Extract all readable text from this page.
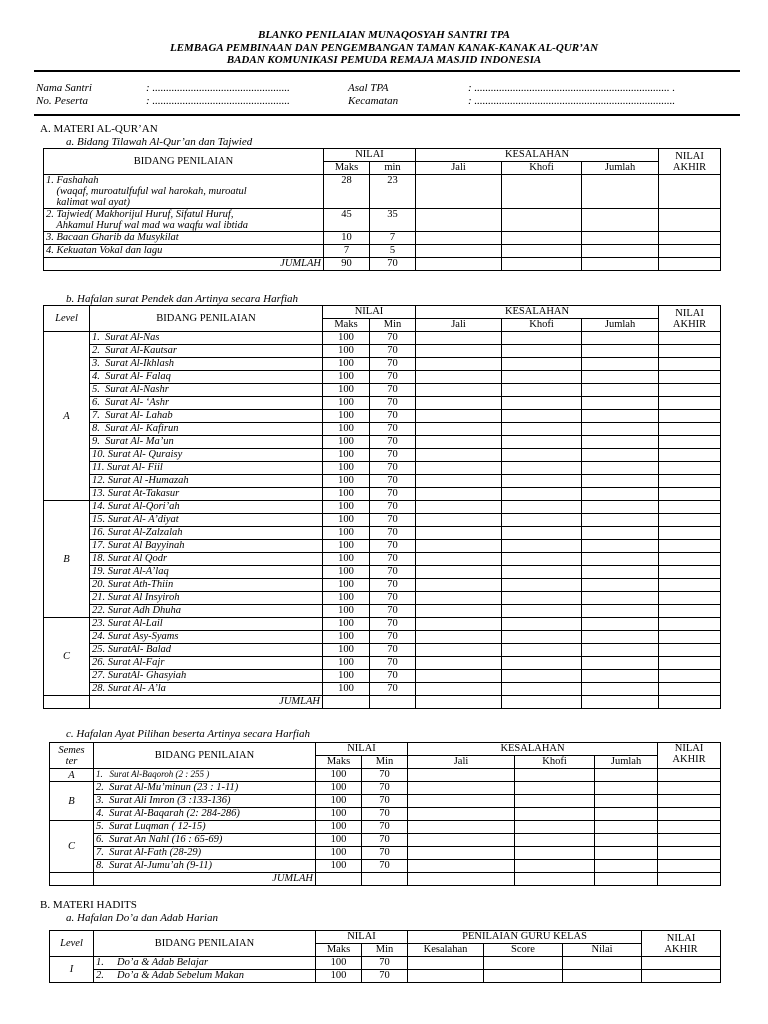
BLANKO PENILAIAN MUNAQOSYAH SANTRI TPA
LEMBAGA PEMBINAAN DAN PENGEMBANGAN TAMAN KANAK-KANAK AL-QUR’AN
BADAN KOMUNIKASI PEMUDA REMAJA MASJID INDONESIA
Nama Santri	: ..................................................
No. Peserta	: ..................................................
Asal TPA	: ....................................................................... .
Kecamatan	: .........................................................................
A. MATERI AL-QUR’AN
a. Bidang Tilawah Al-Qur’an dan Tajwied
BIDANG PENILAIAN	NILAI		KESALAHAN			NILAI
AKHIR
	Maks	min	Jali	Khofi	Jumlah	

1. Fashahah
(waqaf, muroatulfuful wal harokah, muroatul
kalimat wal ayat)	28	23				

2. Tajwied( Makhorijul Huruf, Sifatul Huruf,
Ahkamul Huruf wal mad wa waqfu wal ibtida	45	35				

3. Bacaan Gharib da Musykilat	10	7				

4. Kekuatan Vokal dan lagu	7	5				
JUMLAH	90	70				
b. Hafalan surat Pendek dan Artinya secara Harfiah
Level	BIDANG PENILAIAN	NILAI		KESALAHAN			NILAI
AKHIR
		Maks	Min	Jali	Khofi	Jumlah	
A	1.  Surat Al-Nas	100	70				
	2.  Surat Al-Kautsar	100	70				
	3.  Surat Al-Ikhlash	100	70				
	4.  Surat Al- Falaq	100	70				
	5.  Surat Al-Nashr	100	70				
	6.  Surat Al- ‘Ashr	100	70				
	7.  Surat Al- Lahab	100	70				
	8.  Surat Al- Kafirun	100	70				
	9.  Surat Al- Ma’un	100	70				
	10. Surat Al- Quraisy	100	70				
	11. Surat Al- Fiil	100	70				
	12. Surat Al -Humazah	100	70				
	13. Surat At-Takasur	100	70				
B	14. Surat Al-Qori’ah	100	70				
	15. Surat Al- A’diyat	100	70				
	16. Surat Al-Zalzalah	100	70				
	17. Surat Al Bayyinah	100	70				
	18. Surat Al Qodr	100	70				
	19. Surat Al-A’laq	100	70				
	20. Surat Ath-Thiin	100	70				
	21. Surat Al Insyiroh	100	70				
	22. Surat Adh Dhuha	100	70				
C	23. Surat Al-Lail	100	70				
	24. Surat Asy-Syams	100	70				
	25. SuratAl- Balad	100	70				
	26. Surat Al-Fajr	100	70				
	27. SuratAl- Ghasyiah	100	70				
	28. Surat Al- A’la	100	70				
	JUMLAH						
c. Hafalan Ayat Pilihan beserta Artinya secara Harfiah
Semes
ter	BIDANG PENILAIAN	NILAI		KESALAHAN			NILAI
AKHIR
		Maks	Min	Jali	Khofi	Jumlah	
A	1.   Surat Al-Baqoroh (2 : 255 )	100	70				
B	2.  Surat Al-Mu’minun (23 : 1-11)	100	70				
	3.  Surat Ali Imron (3 :133-136)	100	70				
	4.  Surat Al-Baqarah (2: 284-286)	100	70				
C	5.  Surat Luqman ( 12-15)	100	70				
	6.  Surat An Nahl (16 : 65-69)	100	70				
	7.  Surat Al-Fath (28-29)	100	70				
	8.  Surat Al-Jumu’ah (9-11)	100	70				
	JUMLAH						
B. MATERI HADITS
a. Hafalan Do’a dan Adab Harian
Level	BIDANG PENILAIAN	NILAI		PENILAIAN GURU KELAS			NILAI
AKHIR
		Maks	Min	Kesalahan	Score	Nilai	
I	1.     Do’a & Adab Belajar	100	70				
	2.     Do’a & Adab Sebelum Makan	100	70				
